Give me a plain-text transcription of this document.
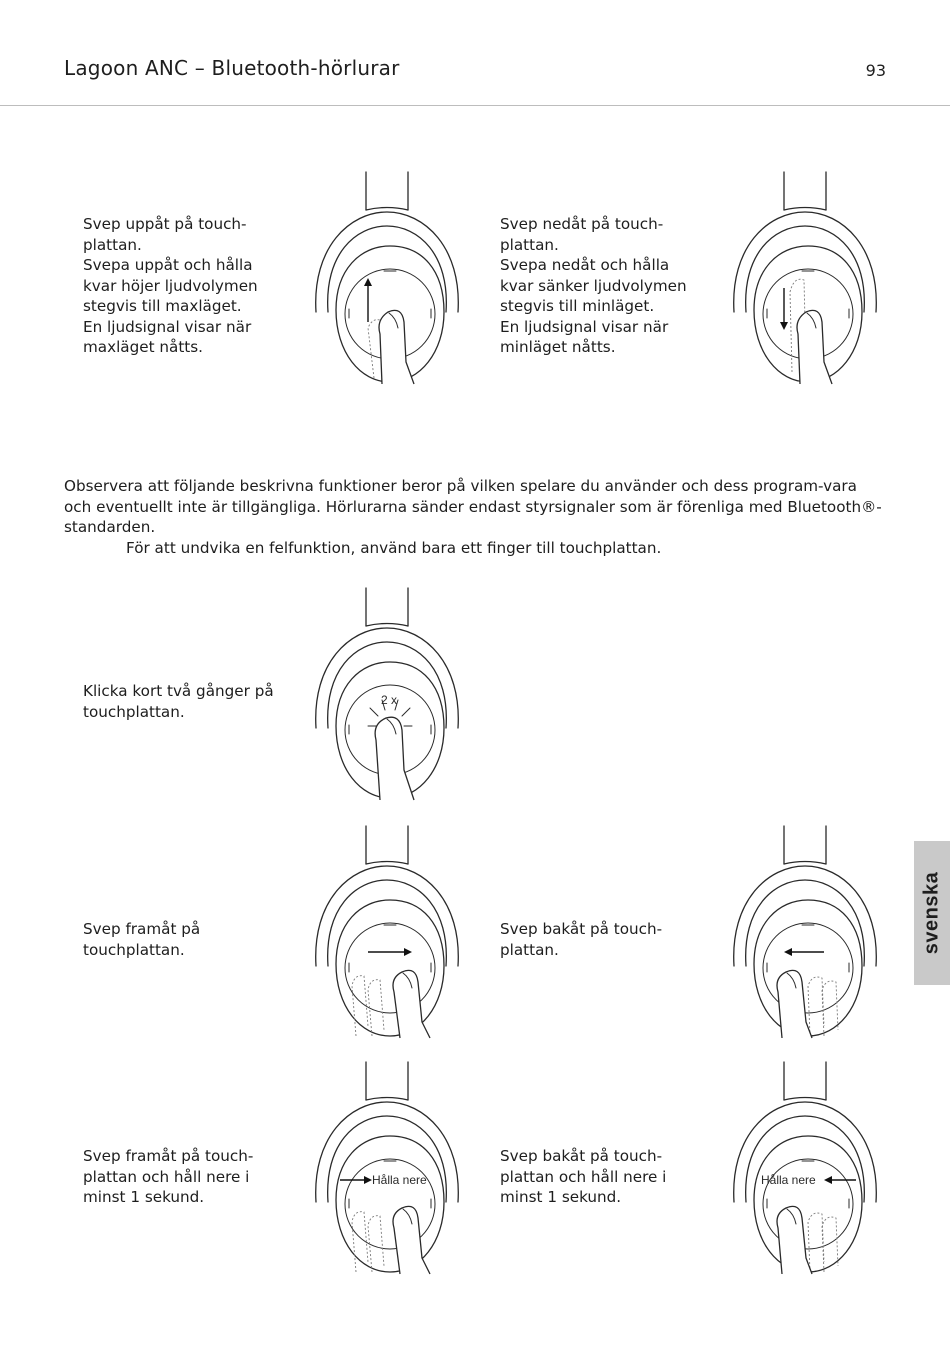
Lagoon ANC – Bluetooth-hörlurar	93
Svep uppåt på touch-
plattan.
Svepa uppåt och hålla
kvar höjer ljudvolymen
stegvis till maxläget.
En ljudsignal visar när
maxläget nåtts.
Svep nedåt på touch-
plattan.
Svepa nedåt och hålla
kvar sänker ljudvolymen
stegvis till minläget.
En ljudsignal visar när
minläget nåtts.

Observera att följande beskrivna funktioner beror på vilken spelare du använder och dess program-vara och eventuellt inte är tillgängliga. Hörlurarna sänder endast styrsignaler som är förenliga med Bluetooth®-standarden.

För att undvika en felfunktion, använd bara ett finger till touchplattan.

Klicka kort två gånger på
touchplattan.
Svep framåt på
touchplattan.
Svep bakåt på touch-
plattan.
Svep framåt på touch-
plattan och håll nere i
minst 1 sekund.
Svep bakåt på touch-
plattan och håll nere i
minst 1 sekund.
svenska
2 x
Hålla nere	Hålla nere
